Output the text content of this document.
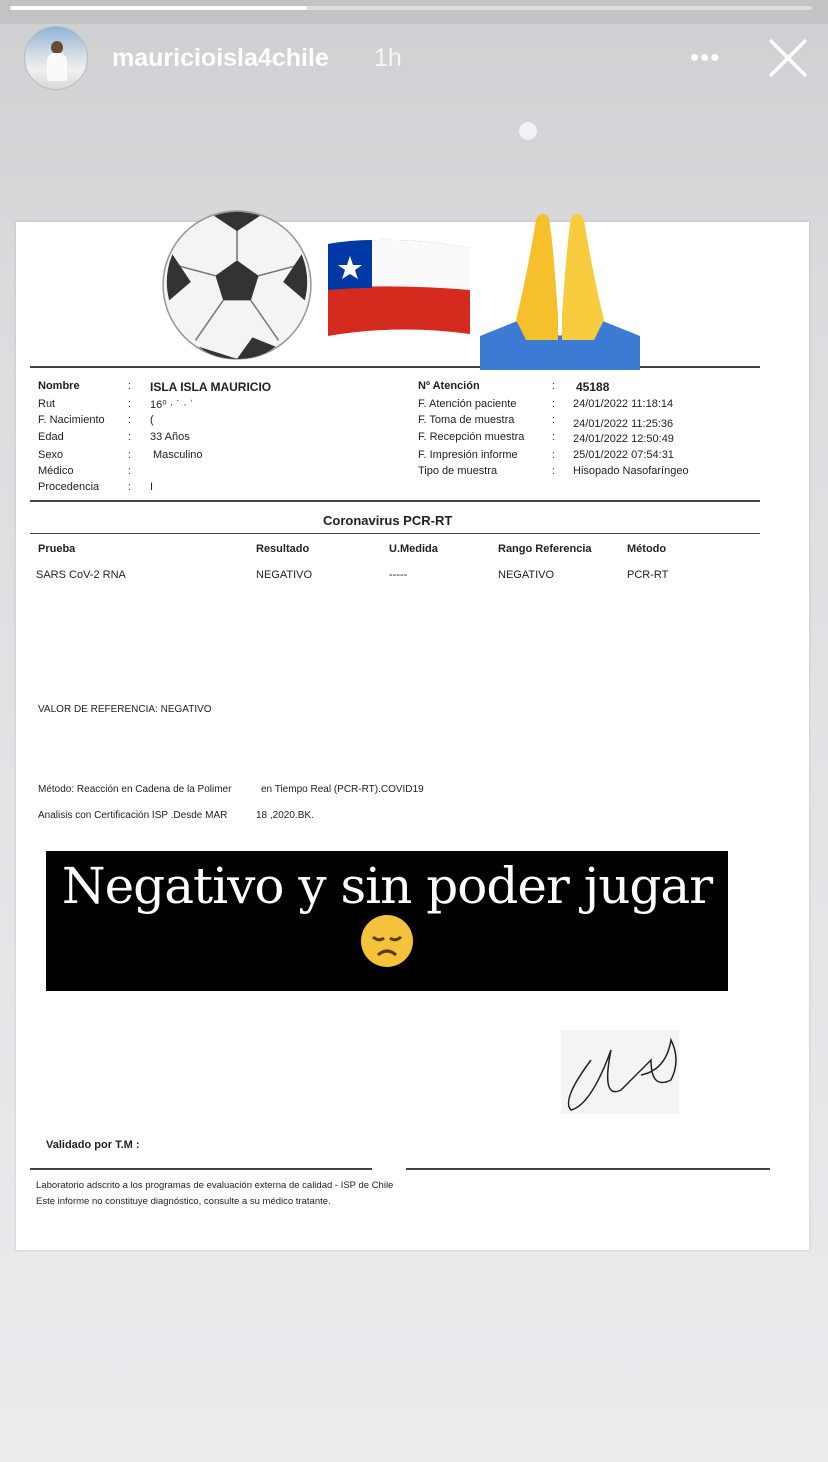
mauricioisla4chile 1h	•••
Coronavirus PCR-RT
VALOR DE REFERENCIA: NEGATIVO
Método: Reacción en Cadena de la Polimer	en Tiempo Real (PCR-RT).COVID19
Analisis con Certificación ISP .Desde MAR	18 ,2020.BK.
Negativo y sin poder jugar
Validado por T.M :
Laboratorio adscrito a los programas de evaluación externa de calidad - ISP de Chile
Este informe no constituye diagnóstico, consulte a su médico tratante.
Nombre	: ISLA ISLA MAURICIO
Rut	: 16⁰ · ˙ · ˈ
F. Nacimiento : (
Edad	: 33 Años
Sexo	: Masculino
Médico	:
Procedencia	: I
Nº Atención	: 45188
F. Atención paciente	: 24/01/2022 11:18:14
F. Toma de muestra	: 24/01/2022 11:25:36
F. Recepción muestra	: 24/01/2022 12:50:49
F. Impresión informe	: 25/01/2022 07:54:31
Tipo de muestra	: Hisopado Nasofaríngeo
Prueba	Resultado	U.Medida	Rango Referencia	Método
SARS CoV-2 RNA	NEGATIVO	-----	NEGATIVO	PCR-RT
